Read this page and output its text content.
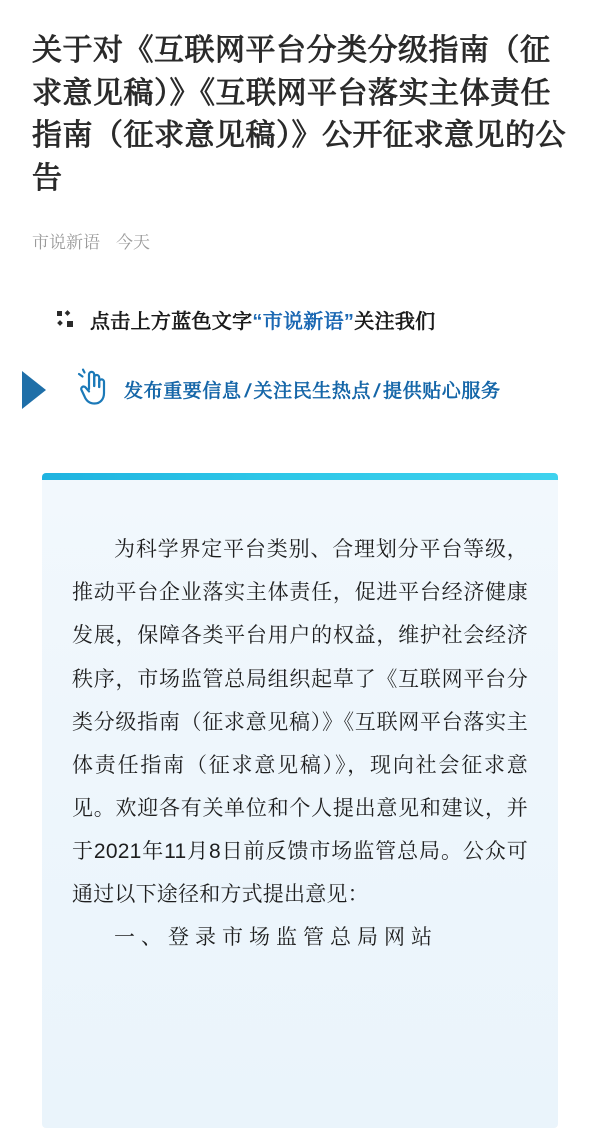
关于对《互联网平台分类分级指南（征求意见稿）》《互联网平台落实主体责任指南（征求意见稿）》公开征求意见的公告
市说新语 今天
点击上方蓝色文字“市说新语”关注我们
发布重要信息/关注民生热点/提供贴心服务

为科学界定平台类别、合理划分平台等级，推动平台企业落实主体责任，促进平台经济健康发展，保障各类平台用户的权益，维护社会经济秩序，市场监管总局组织起草了《互联网平台分类分级指南（征求意见稿）》《互联网平台落实主体责任指南（征求意见稿）》，现向社会征求意见。欢迎各有关单位和个人提出意见和建议，并于2021年11月8日前反馈市场监管总局。公众可通过以下途径和方式提出意见：

一、登录市场监管总局网站
